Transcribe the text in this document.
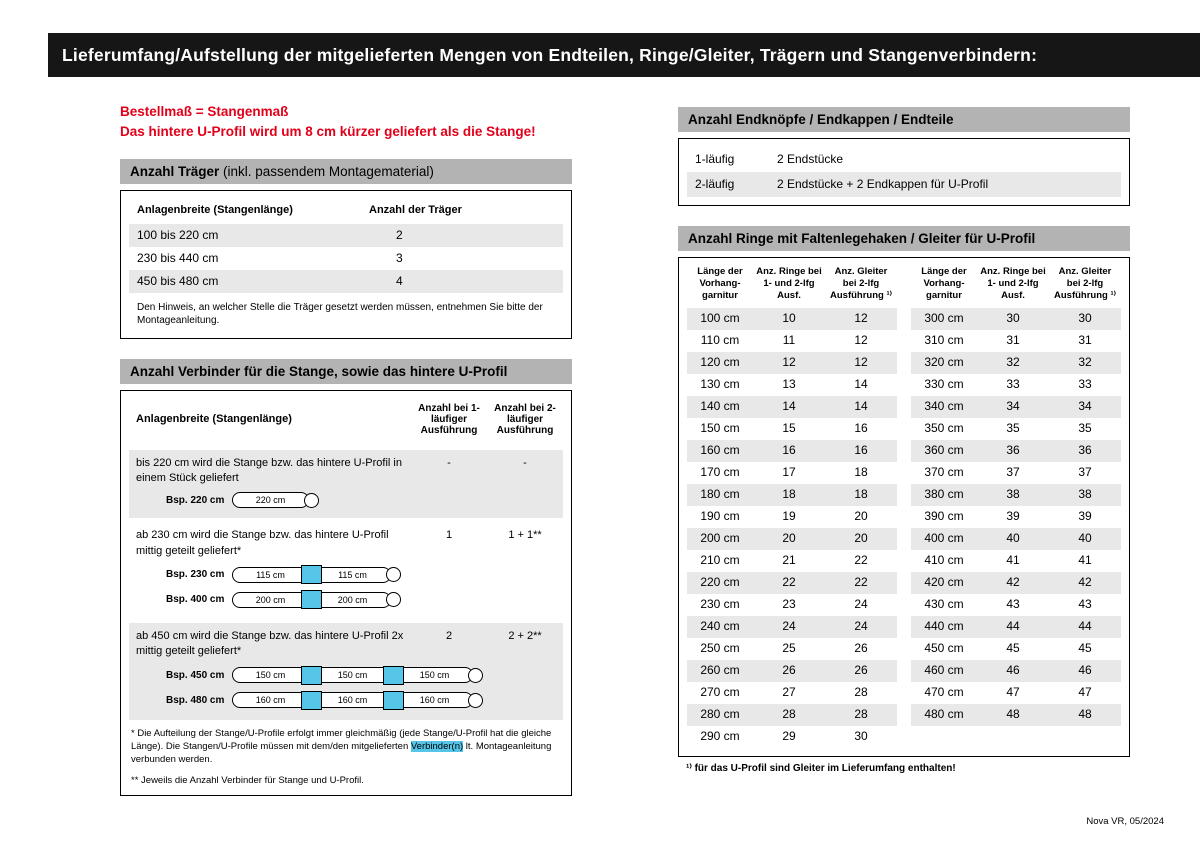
Lieferumfang/Aufstellung der mitgelieferten Mengen von Endteilen, Ringe/Gleiter, Trägern und Stangenverbindern:
Bestellmaß = Stangenmaß
Das hintere U-Profil wird um 8 cm kürzer geliefert als die Stange!
Anzahl Träger (inkl. passendem Montagematerial)
Anlagenbreite (Stangenlänge)	Anzahl der Träger
100 bis 220 cm	2
230 bis 440 cm	3
450 bis 480 cm	4
Den Hinweis, an welcher Stelle die Träger gesetzt werden müssen, entnehmen Sie bitte der Montageanleitung.
Anzahl Verbinder für die Stange, sowie das hintere U-Profil
Anlagenbreite (Stangenlänge)
Anzahl bei 1-läufiger Ausführung
Anzahl bei 2-läufiger Ausführung
bis 220 cm wird die Stange bzw. das hintere U-Profil in einem Stück geliefert
-	-
Bsp. 220 cm	220 cm
ab 230 cm wird die Stange bzw. das hintere U-Profil mittig geteilt geliefert*
1	1 + 1**
Bsp. 230 cm	115 cm	115 cm
Bsp. 400 cm	200 cm	200 cm
ab 450 cm wird die Stange bzw. das hintere U-Profil 2x mittig geteilt geliefert*
2	2 + 2**
Bsp. 450 cm	150 cm	150 cm	150 cm
Bsp. 480 cm	160 cm	160 cm	160 cm
* Die Aufteilung der Stange/U-Profile erfolgt immer gleichmäßig (jede Stange/U-Profil hat die gleiche Länge). Die Stangen/U-Profile müssen mit dem/den mitgelieferten Verbinder(n) lt. Montageanleitung verbunden werden.
** Jeweils die Anzahl Verbinder für Stange und U-Profil.
Anzahl Endknöpfe / Endkappen / Endteile
1-läufig	2 Endstücke
2-läufig	2 Endstücke + 2 Endkappen für U-Profil
Anzahl Ringe mit Faltenlegehaken / Gleiter für U-Profil
Länge der Vorhang-garnitur
Anz. Ringe bei 1- und 2-lfg Ausf.
Anz. Gleiter bei 2-lfg Ausführung ¹⁾
100 cm	10	12
110 cm	11	12
120 cm	12	12
130 cm	13	14
140 cm	14	14
150 cm	15	16
160 cm	16	16
170 cm	17	18
180 cm	18	18
190 cm	19	20
200 cm	20	20
210 cm	21	22
220 cm	22	22
230 cm	23	24
240 cm	24	24
250 cm	25	26
260 cm	26	26
270 cm	27	28
280 cm	28	28
290 cm	29	30
Länge der Vorhang-garnitur
Anz. Ringe bei 1- und 2-lfg Ausf.
Anz. Gleiter bei 2-lfg Ausführung ¹⁾
300 cm	30	30
310 cm	31	31
320 cm	32	32
330 cm	33	33
340 cm	34	34
350 cm	35	35
360 cm	36	36
370 cm	37	37
380 cm	38	38
390 cm	39	39
400 cm	40	40
410 cm	41	41
420 cm	42	42
430 cm	43	43
440 cm	44	44
450 cm	45	45
460 cm	46	46
470 cm	47	47
480 cm	48	48
¹⁾ für das U-Profil sind Gleiter im Lieferumfang enthalten!
Nova VR, 05/2024
